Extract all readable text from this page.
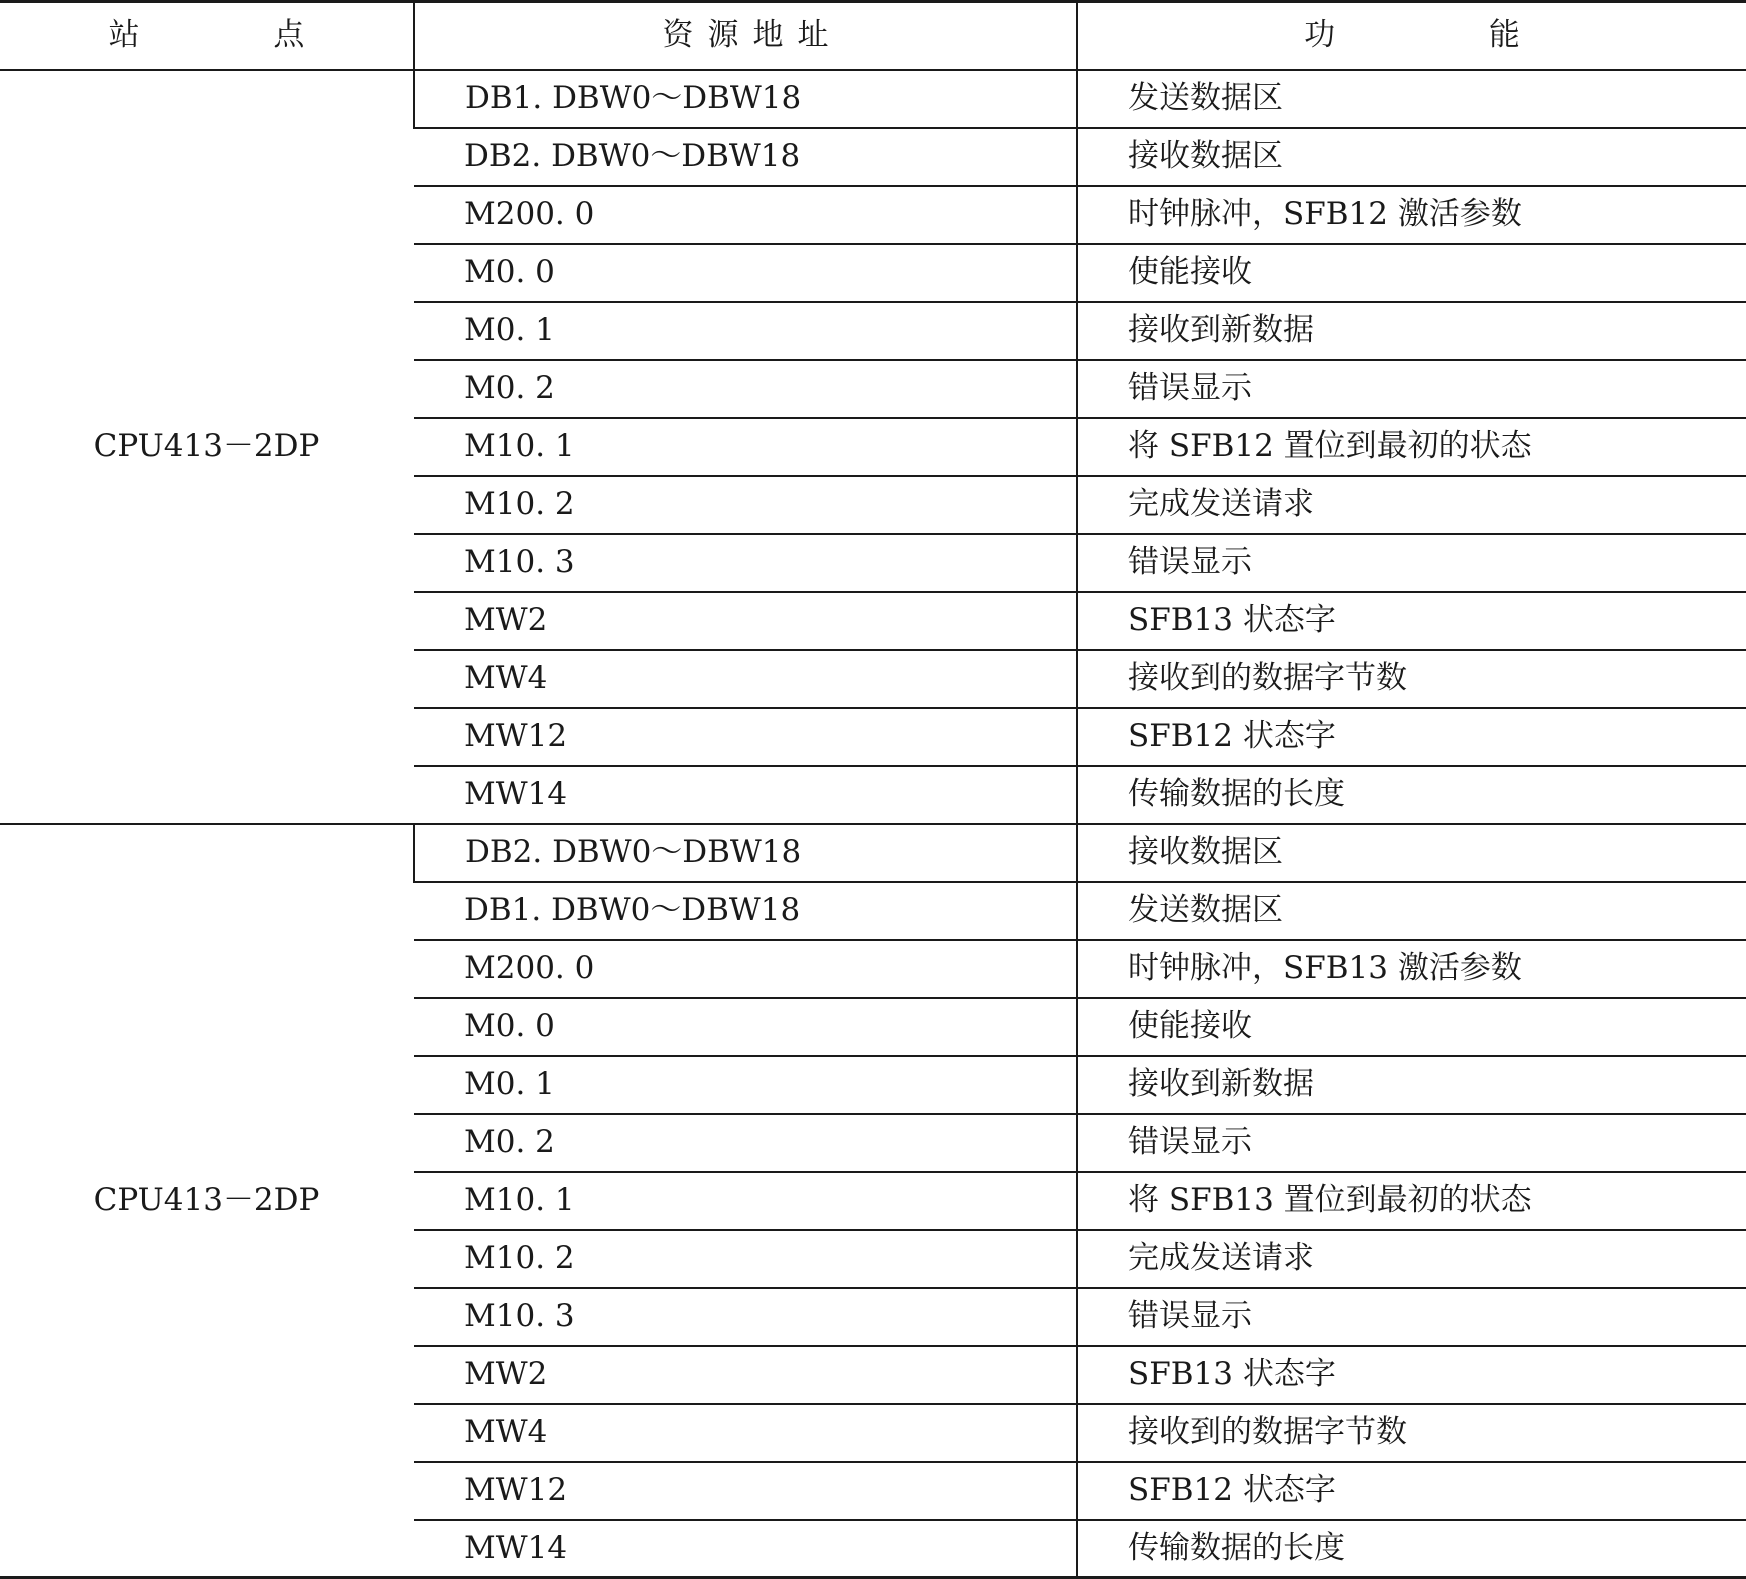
站 点	资源地址	功 能
CPU413－2DP	DB1. DBW0～DBW18	发送数据区
	DB2. DBW0～DBW18	接收数据区
	M200. 0	时钟脉冲，SFB12 激活参数
	M0. 0	使能接收
	M0. 1	接收到新数据
	M0. 2	错误显示
	M10. 1	将 SFB12 置位到最初的状态
	M10. 2	完成发送请求
	M10. 3	错误显示
	MW2	SFB13 状态字
	MW4	接收到的数据字节数
	MW12	SFB12 状态字
	MW14	传输数据的长度
CPU413－2DP	DB2. DBW0～DBW18	接收数据区
	DB1. DBW0～DBW18	发送数据区
	M200. 0	时钟脉冲，SFB13 激活参数
	M0. 0	使能接收
	M0. 1	接收到新数据
	M0. 2	错误显示
	M10. 1	将 SFB13 置位到最初的状态
	M10. 2	完成发送请求
	M10. 3	错误显示
	MW2	SFB13 状态字
	MW4	接收到的数据字节数
	MW12	SFB12 状态字
	MW14	传输数据的长度
